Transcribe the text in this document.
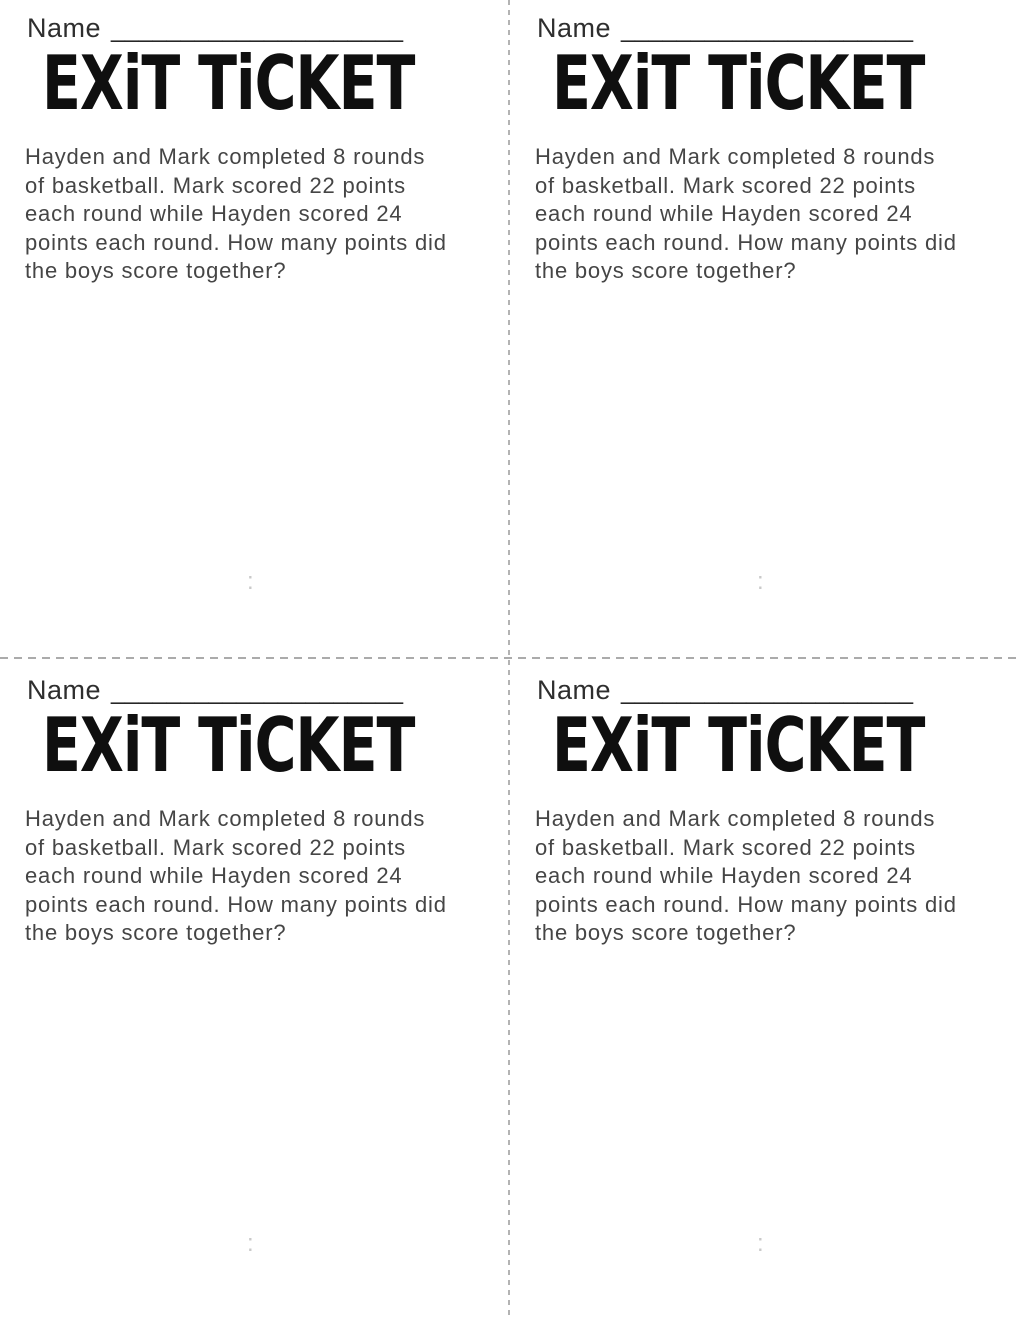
Name _____________________
EXiT TiCKET
Hayden and Mark completed 8 rounds
of basketball. Mark scored 22 points
each round while Hayden scored 24
points each round. How many points did
the boys score together?
:
Name _____________________
EXiT TiCKET
Hayden and Mark completed 8 rounds
of basketball. Mark scored 22 points
each round while Hayden scored 24
points each round. How many points did
the boys score together?
:
Name _____________________
EXiT TiCKET
Hayden and Mark completed 8 rounds
of basketball. Mark scored 22 points
each round while Hayden scored 24
points each round. How many points did
the boys score together?
:
Name _____________________
EXiT TiCKET
Hayden and Mark completed 8 rounds
of basketball. Mark scored 22 points
each round while Hayden scored 24
points each round. How many points did
the boys score together?
:
